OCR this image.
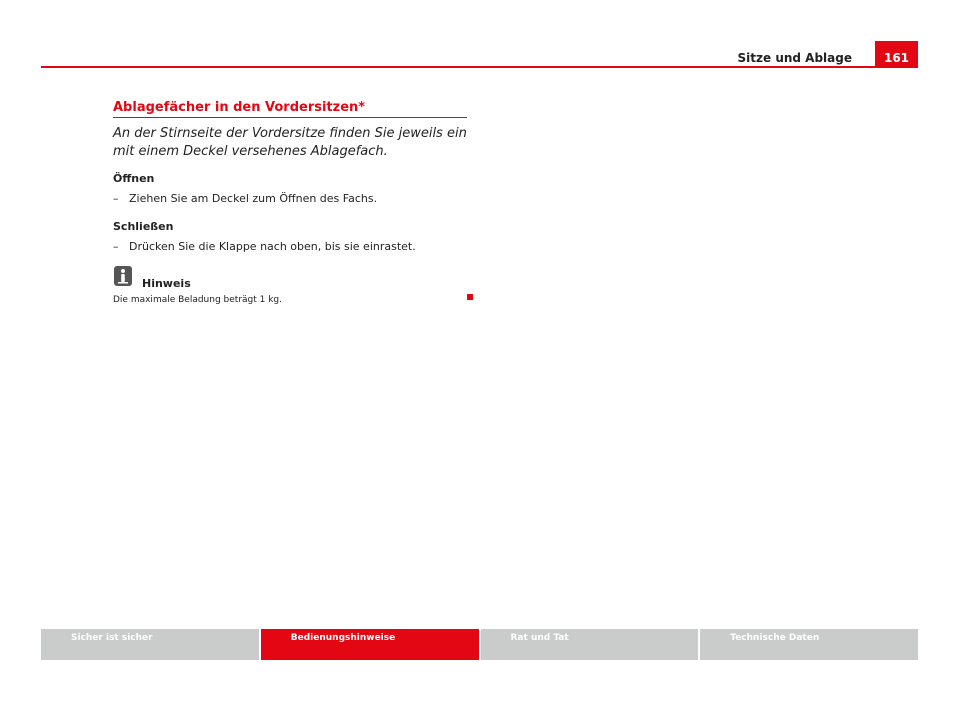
Sitze und Ablage	161
Ablagefächer in den Vordersitzen*
An der Stirnseite der Vordersitze finden Sie jeweils ein mit einem Deckel versehenes Ablagefach.
Öffnen
– Ziehen Sie am Deckel zum Öffnen des Fachs.
Schließen
– Drücken Sie die Klappe nach oben, bis sie einrastet.
Hinweis
Die maximale Beladung beträgt 1 kg.
Sicher ist sicher	Bedienungshinweise	Rat und Tat	Technische Daten
